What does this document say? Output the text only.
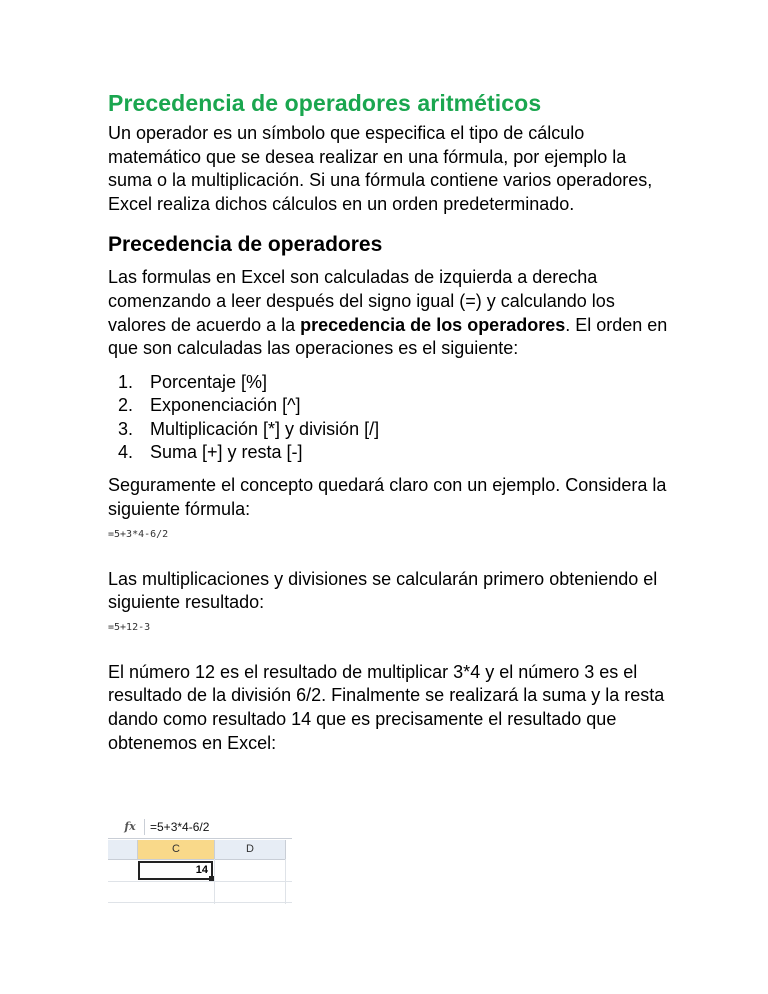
Precedencia de operadores aritméticos

Un operador es un símbolo que especifica el tipo de cálculo matemático que se desea realizar en una fórmula, por ejemplo la suma o la multiplicación. Si una fórmula contiene varios operadores, Excel realiza dichos cálculos en un orden predeterminado.

Precedencia de operadores

Las formulas en Excel son calculadas de izquierda a derecha comenzando a leer después del signo igual (=) y calculando los valores de acuerdo a la precedencia de los operadores. El orden en que son calculadas las operaciones es el siguiente:

1. Porcentaje [%]
2. Exponenciación [^]
3. Multiplicación [*] y división [/]
4. Suma [+] y resta [-]

Seguramente el concepto quedará claro con un ejemplo. Considera la siguiente fórmula:

=5+3*4-6/2

Las multiplicaciones y divisiones se calcularán primero obteniendo el siguiente resultado:

=5+12-3

El número 12 es el resultado de multiplicar 3*4 y el número 3 es el resultado de la división 6/2. Finalmente se realizará la suma y la resta dando como resultado 14 que es precisamente el resultado que obtenemos en Excel:

fx	=5+3*4-6/2
C	D
14
